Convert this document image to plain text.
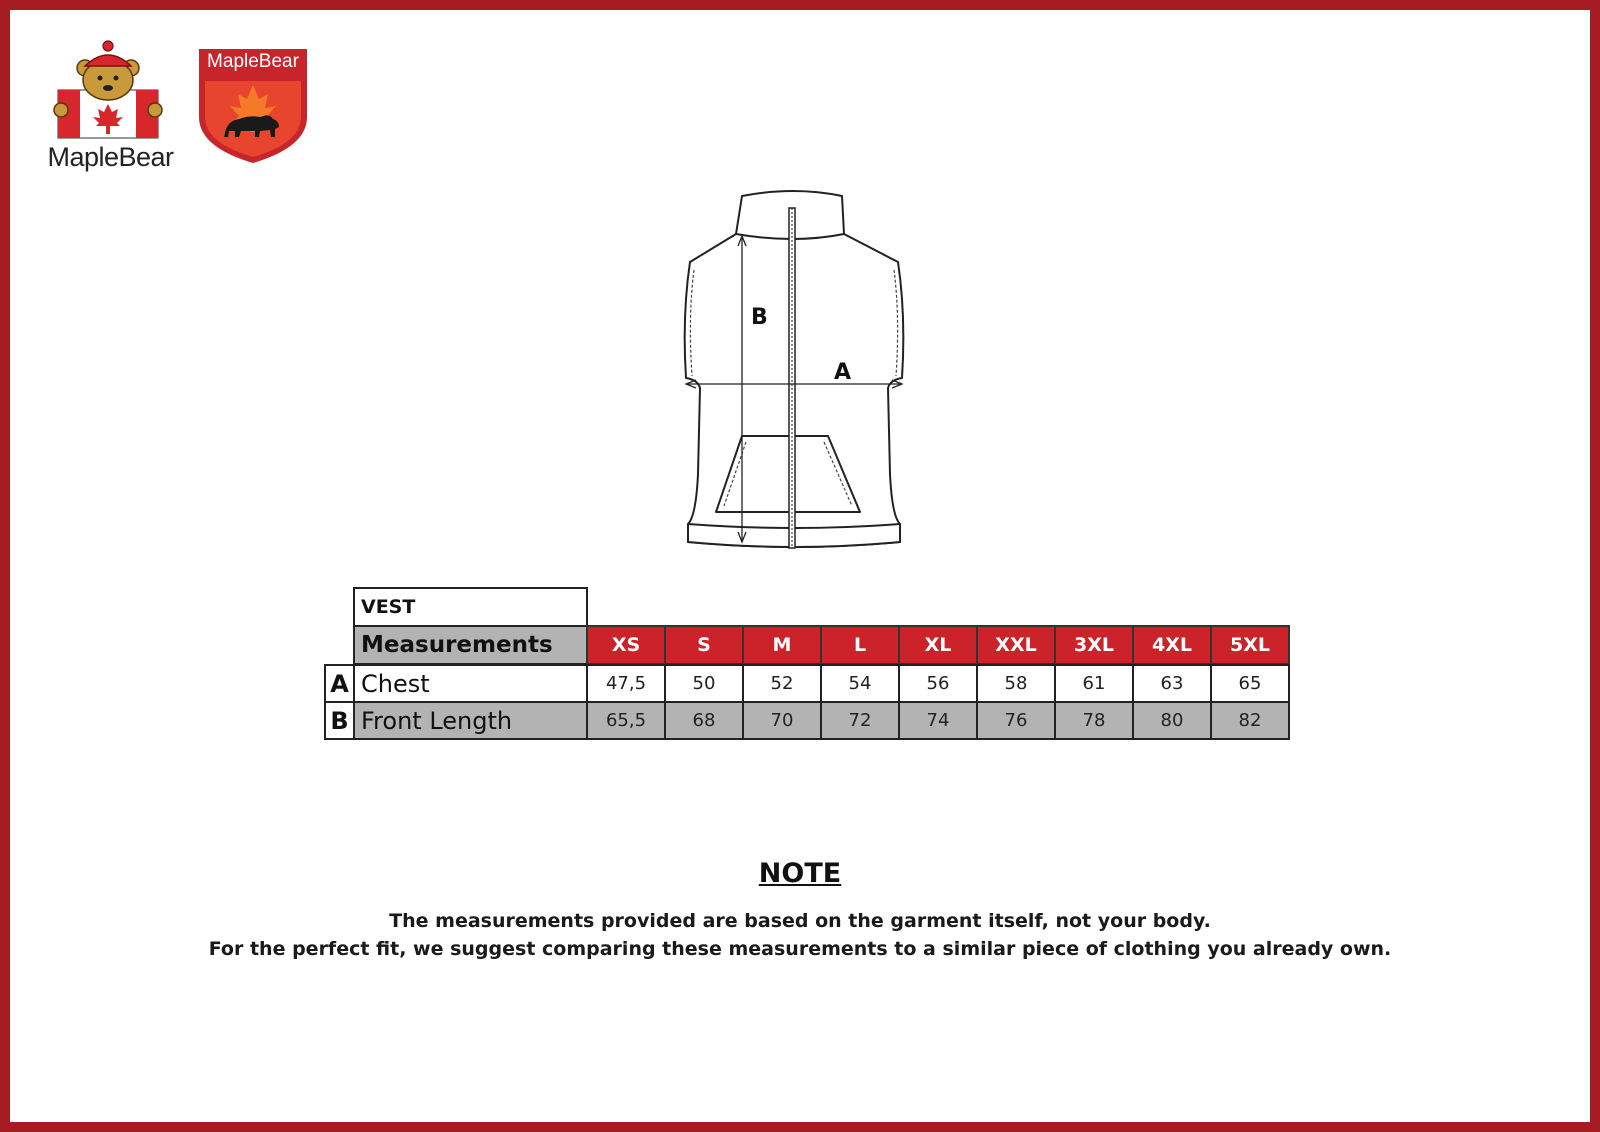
MapleBear
MapleBear
B
A
VEST
Measurements	XS	S	M	L	XL	XXL	3XL	4XL	5XL
A Chest	47,5	50	52	54	56	58	61	63	65
B Front Length	65,5	68	70	72	74	76	78	80	82
NOTE
The measurements provided are based on the garment itself, not your body.
For the perfect fit, we suggest comparing these measurements to a similar piece of clothing you already own.
